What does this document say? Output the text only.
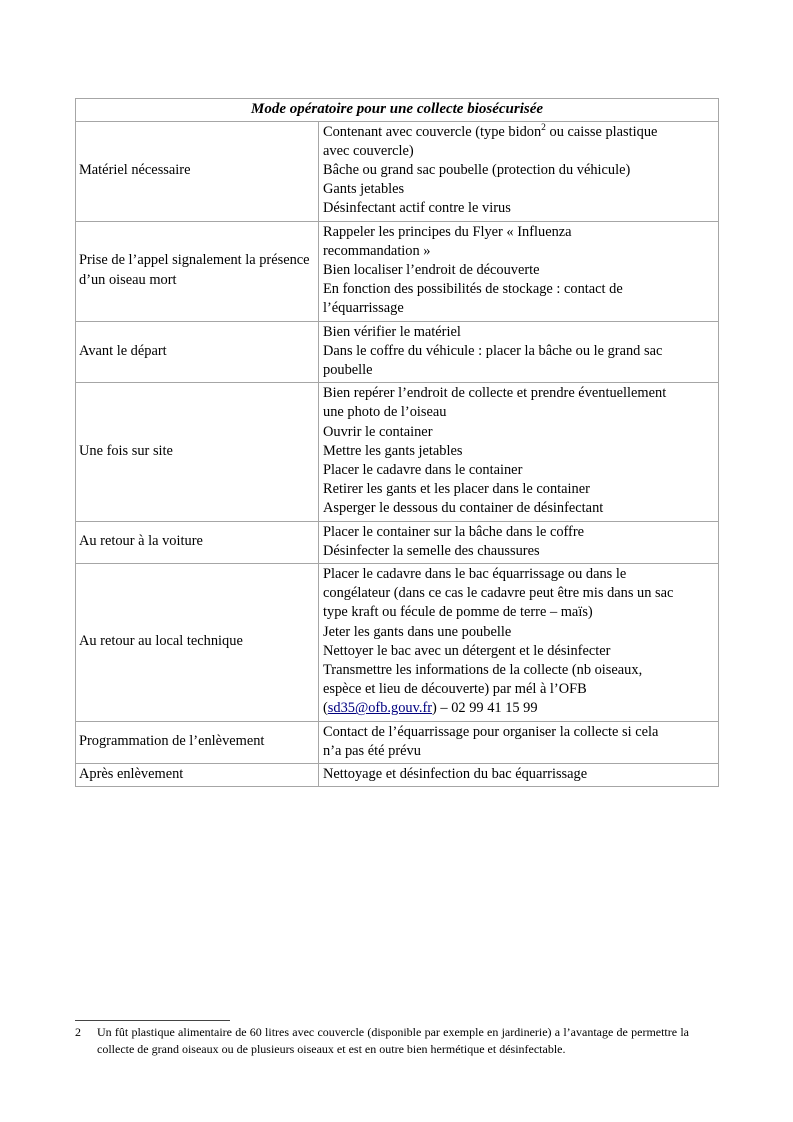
Mode opératoire pour une collecte biosécurisée	
Matériel nécessaire	Contenant avec couvercle (type bidon$^2$ ou caisse plastique
avec couvercle)
Bâche ou grand sac poubelle (protection du véhicule)
Gants jetables
Désinfectant actif contre le virus

Prise de l’appel signalement la présence d’un oiseau mort	Rappeler les principes du Flyer « Influenza
recommandation »
Bien localiser l’endroit de découverte
En fonction des possibilités de stockage : contact de
l’équarrissage

Avant le départ	Bien vérifier le matériel
Dans le coffre du véhicule : placer la bâche ou le grand sac
poubelle

Une fois sur site	
Bien repérer l’endroit de collecte et prendre éventuellement
une photo de l’oiseau
Ouvrir le container
Mettre les gants jetables
Placer le cadavre dans le container
Retirer les gants et les placer dans le container
Asperger le dessous du container de désinfectant

Au retour à la voiture	Placer le container sur la bâche dans le coffre
Désinfecter la semelle des chaussures

Au retour au local technique	
Placer le cadavre dans le bac équarrissage ou dans le
congélateur (dans ce cas le cadavre peut être mis dans un sac
type kraft ou fécule de pomme de terre – maïs)
Jeter les gants dans une poubelle
Nettoyer le bac avec un détergent et le désinfecter
Transmettre les informations de la collecte (nb oiseaux,
espèce et lieu de découverte) par mél à l’OFB
(sd35@ofb.gouv.fr) – 02 99 41 15 99

Programmation de l’enlèvement	Contact de l’équarrissage pour organiser la collecte si cela
n’a pas été prévu

Après enlèvement	Nettoyage et désinfection du bac équarrissage
2	Un fût plastique alimentaire de 60 litres avec couvercle (disponible par exemple en jardinerie) a l’avantage de permettre la collecte de grand oiseaux ou de plusieurs oiseaux et est en outre bien hermétique et désinfectable.
